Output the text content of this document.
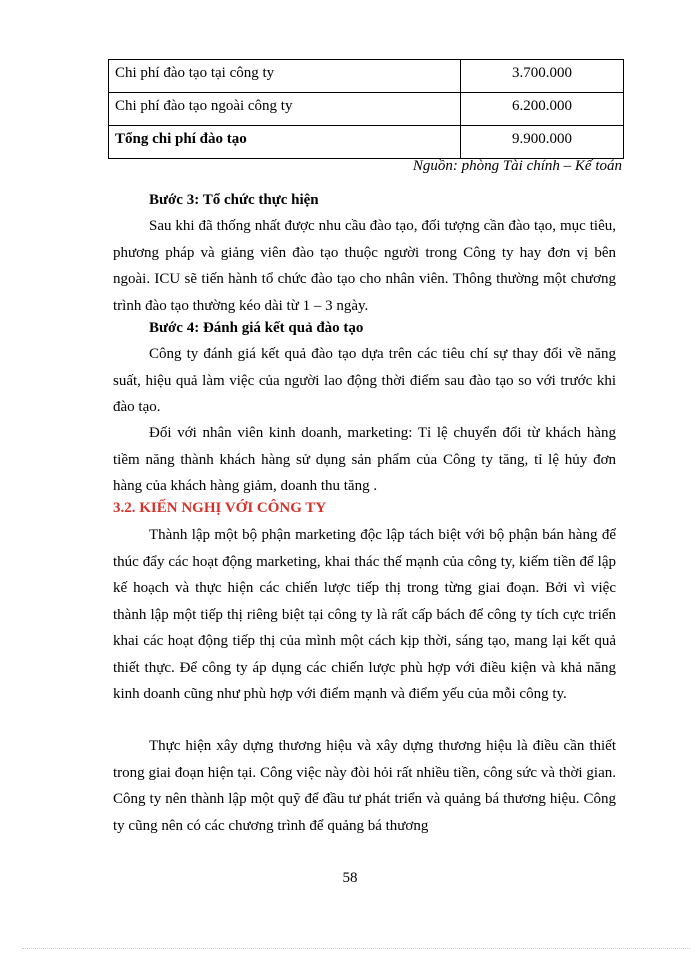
Chi phí đào tạo tại công ty	3.700.000
Chi phí đào tạo ngoài công ty	6.200.000
Tổng chi phí đào tạo	9.900.000
Nguồn: phòng Tài chính – Kế toán

Bước 3: Tổ chức thực hiện

Sau khi đã thống nhất được nhu cầu đào tạo, đối tượng cần đào tạo, mục tiêu, phương pháp và giảng viên đào tạo thuộc người trong Công ty hay đơn vị bên ngoài. ICU sẽ tiến hành tổ chức đào tạo cho nhân viên. Thông thường một chương trình đào tạo thường kéo dài từ 1 – 3 ngày.

Bước 4: Đánh giá kết quả đào tạo

Công ty đánh giá kết quả đào tạo dựa trên các tiêu chí sự thay đổi về năng suất, hiệu quả làm việc của người lao động thời điểm sau đào tạo so với trước khi đào tạo.

Đối với nhân viên kinh doanh, marketing: Tỉ lệ chuyển đổi từ khách hàng tiềm năng thành khách hàng sử dụng sản phẩm của Công ty tăng, tỉ lệ hủy đơn hàng của khách hàng giảm, doanh thu tăng .

3.2. KIẾN NGHỊ VỚI CÔNG TY

Thành lập một bộ phận marketing độc lập tách biệt với bộ phận bán hàng để thúc đẩy các hoạt động marketing, khai thác thế mạnh của công ty, kiếm tiền để lập kế hoạch và thực hiện các chiến lược tiếp thị trong từng giai đoạn. Bởi vì việc thành lập một tiếp thị riêng biệt tại công ty là rất cấp bách để công ty tích cực triển khai các hoạt động tiếp thị của mình một cách kịp thời, sáng tạo, mang lại kết quả thiết thực. Để công ty áp dụng các chiến lược phù hợp với điều kiện và khả năng kinh doanh cũng như phù hợp với điểm mạnh và điểm yếu của mỗi công ty.

Thực hiện xây dựng thương hiệu và xây dựng thương hiệu là điều cần thiết trong giai đoạn hiện tại. Công việc này đòi hỏi rất nhiều tiền, công sức và thời gian. Công ty nên thành lập một quỹ để đầu tư phát triển và quảng bá thương hiệu. Công ty cũng nên có các chương trình để quảng bá thương

58
